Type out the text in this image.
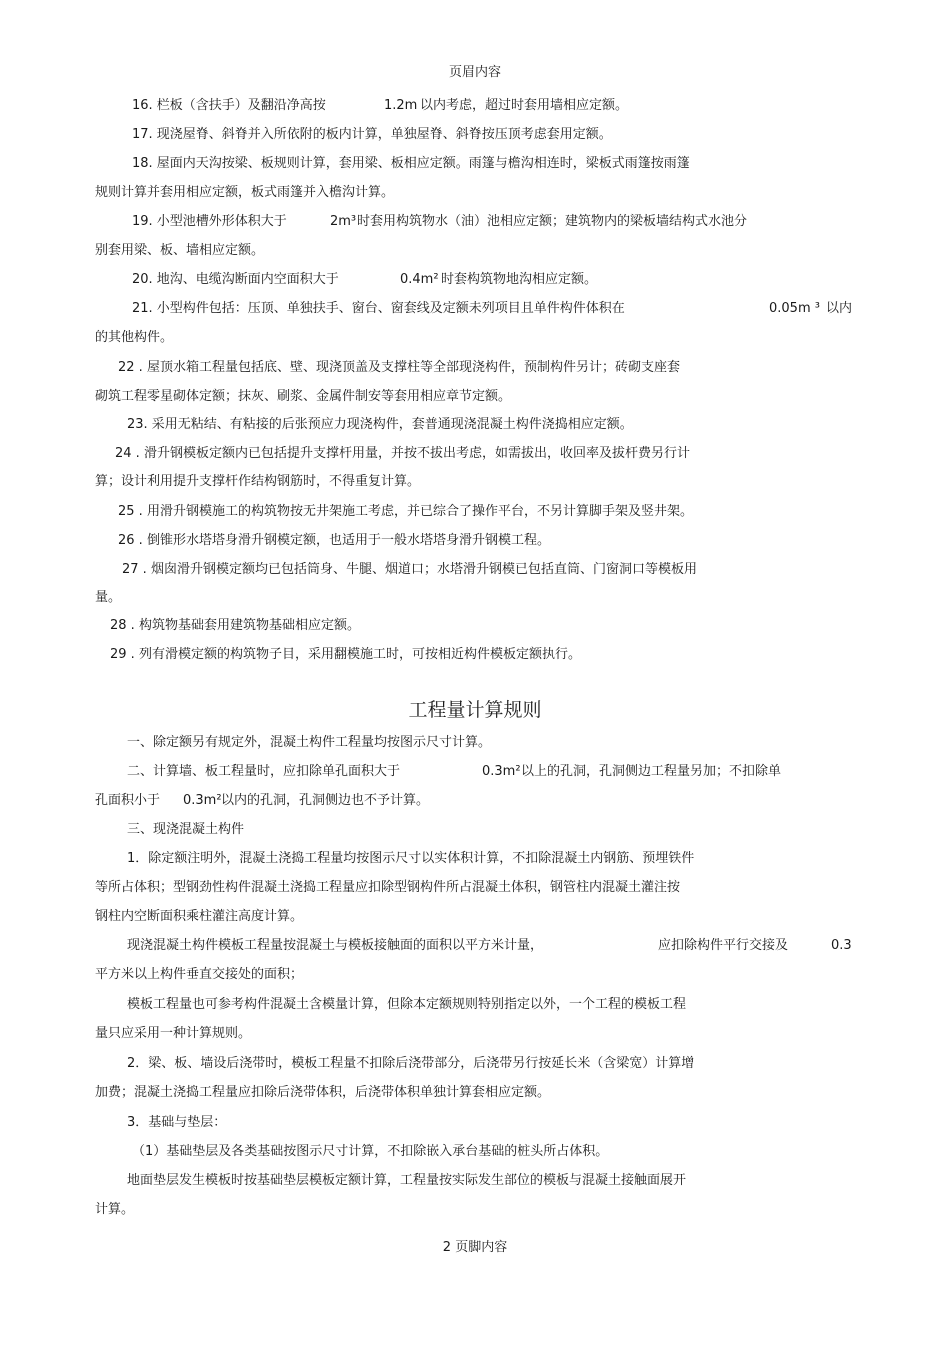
页眉内容
工程量计算规则
16. 栏板（含扶手）及翻沿净高按	1.2m 以内考虑，超过时套用墙相应定额。
17. 现浇屋脊、斜脊并入所依附的板内计算，单独屋脊、斜脊按压顶考虑套用定额。
18. 屋面内天沟按梁、板规则计算，套用梁、板相应定额。雨篷与檐沟相连时，梁板式雨篷按雨篷
规则计算并套用相应定额，板式雨篷并入檐沟计算。
19. 小型池槽外形体积大于	2m³ 时套用构筑物水（油）池相应定额；建筑物内的梁板墙结构式水池分
别套用梁、板、墙相应定额。
20. 地沟、电缆沟断面内空面积大于	0.4m² 时套构筑物地沟相应定额。
21. 小型构件包括：压顶、单独扶手、窗台、窗套线及定额未列项目且单件构件体积在	0.05m ³ 以内
的其他构件。
22 . 屋顶水箱工程量包括底、壁、现浇顶盖及支撑柱等全部现浇构件，预制构件另计；砖砌支座套
砌筑工程零星砌体定额；抹灰、刷浆、金属件制安等套用相应章节定额。
23. 采用无粘结、有粘接的后张预应力现浇构件，套普通现浇混凝土构件浇捣相应定额。
24 . 滑升钢模板定额内已包括提升支撑杆用量，并按不拔出考虑，如需拔出，收回率及拔杆费另行计
算；设计利用提升支撑杆作结构钢筋时，不得重复计算。
25 . 用滑升钢模施工的构筑物按无井架施工考虑，并已综合了操作平台，不另计算脚手架及竖井架。
26 . 倒锥形水塔塔身滑升钢模定额，也适用于一般水塔塔身滑升钢模工程。
27 . 烟囱滑升钢模定额均已包括筒身、牛腿、烟道口；水塔滑升钢模已包括直筒、门窗洞口等模板用
量。
28 . 构筑物基础套用建筑物基础相应定额。
29 . 列有滑模定额的构筑物子目，采用翻模施工时，可按相近构件模板定额执行。
一、除定额另有规定外，混凝土构件工程量均按图示尺寸计算。
二、计算墙、板工程量时，应扣除单孔面积大于	0.3m² 以上的孔洞，孔洞侧边工程量另加；不扣除单
孔面积小于 0.3m² 以内的孔洞，孔洞侧边也不予计算。
三、现浇混凝土构件
1．除定额注明外，混凝土浇捣工程量均按图示尺寸以实体积计算，不扣除混凝土内钢筋、预埋铁件
等所占体积；型钢劲性构件混凝土浇捣工程量应扣除型钢构件所占混凝土体积，钢管柱内混凝土灌注按
钢柱内空断面积乘柱灌注高度计算。
现浇混凝土构件模板工程量按混凝土与模板接触面的面积以平方米计量，	应扣除构件平行交接及	0.3
平方米以上构件垂直交接处的面积；
模板工程量也可参考构件混凝土含模量计算，但除本定额规则特别指定以外，一个工程的模板工程
量只应采用一种计算规则。
2．梁、板、墙设后浇带时，模板工程量不扣除后浇带部分，后浇带另行按延长米（含梁宽）计算增
加费；混凝土浇捣工程量应扣除后浇带体积，后浇带体积单独计算套相应定额。
3．基础与垫层：
（1）基础垫层及各类基础按图示尺寸计算，不扣除嵌入承台基础的桩头所占体积。
地面垫层发生模板时按基础垫层模板定额计算，工程量按实际发生部位的模板与混凝土接触面展开
计算。
2 页脚内容
